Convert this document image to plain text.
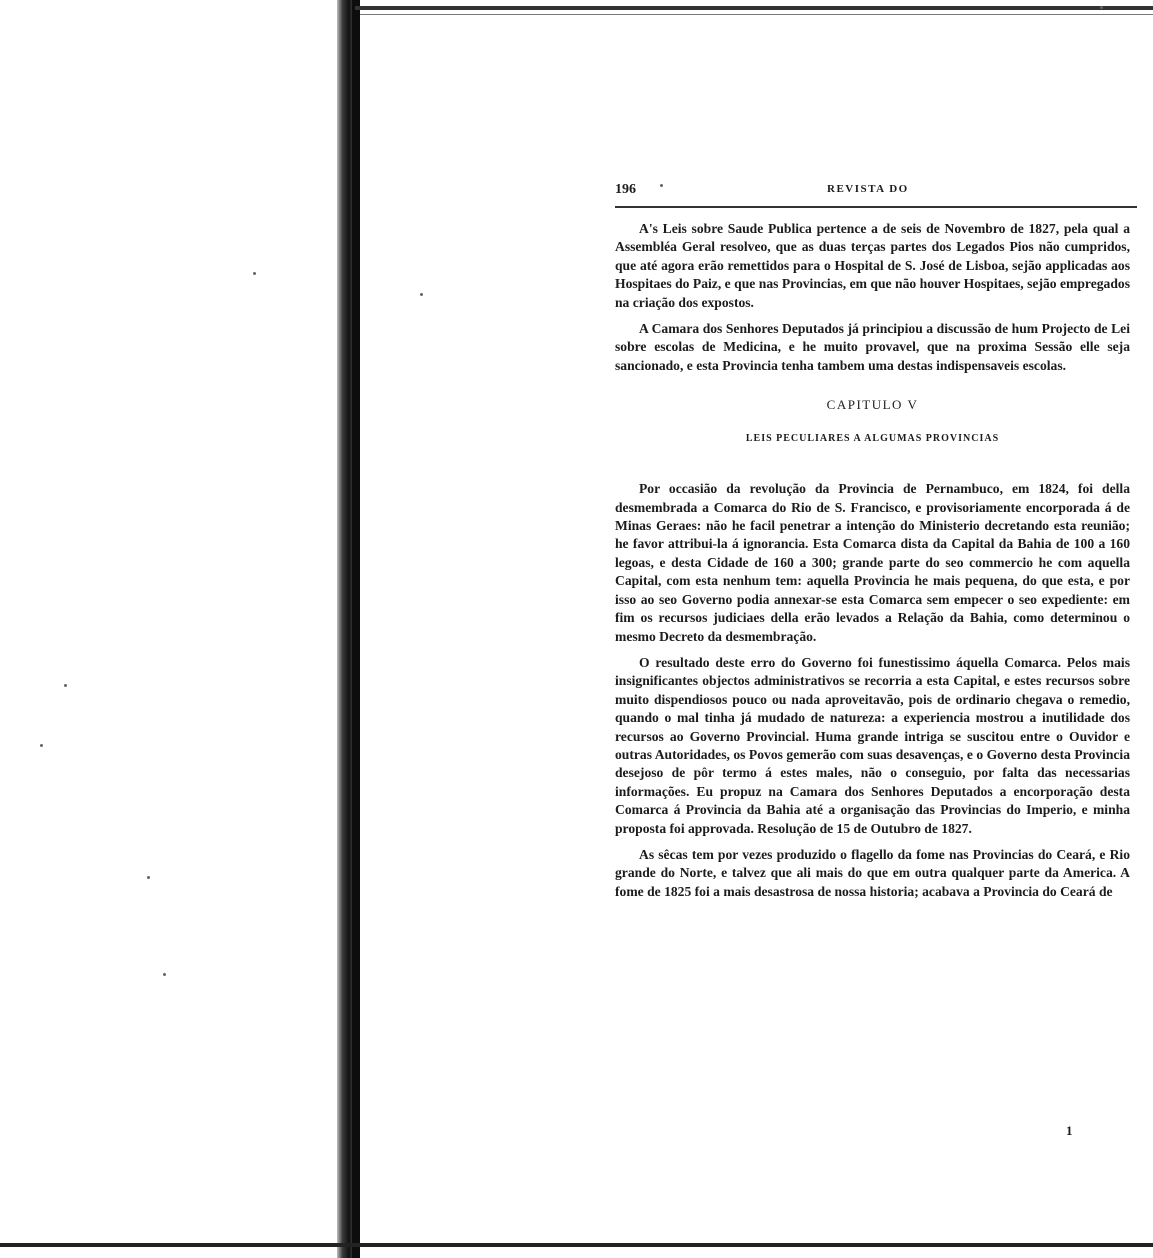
196	REVISTA DO

A's Leis sobre Saude Publica pertence a de seis de Novembro de 1827, pela qual a Assembléa Geral resolveo, que as duas terças partes dos Legados Pios não cumpridos, que até agora erão remettidos para o Hospital de S. José de Lisboa, sejão applicadas aos Hospitaes do Paiz, e que nas Provincias, em que não houver Hospitaes, sejão empregados na criação dos expostos.

A Camara dos Senhores Deputados já principiou a discussão de hum Projecto de Lei sobre escolas de Medicina, e he muito provavel, que na proxima Sessão elle seja sancionado, e esta Provincia tenha tambem uma destas indispensaveis escolas.

CAPITULO V
LEIS PECULIARES A ALGUMAS PROVINCIAS

Por occasião da revolução da Provincia de Pernambuco, em 1824, foi della desmembrada a Comarca do Rio de S. Francisco, e provisoriamente encorporada á de Minas Geraes: não he facil penetrar a intenção do Ministerio decretando esta reunião; he favor attribui-la á ignorancia. Esta Comarca dista da Capital da Bahia de 100 a 160 legoas, e desta Cidade de 160 a 300; grande parte do seo commercio he com aquella Capital, com esta nenhum tem: aquella Provincia he mais pequena, do que esta, e por isso ao seo Governo podia annexar-se esta Comarca sem empecer o seo expediente: em fim os recursos judiciaes della erão levados a Relação da Bahia, como determinou o mesmo Decreto da desmembração.

O resultado deste erro do Governo foi funestissimo áquella Comarca. Pelos mais insignificantes objectos administrativos se recorria a esta Capital, e estes recursos sobre muito dispendiosos pouco ou nada aproveitavão, pois de ordinario chegava o remedio, quando o mal tinha já mudado de natureza: a experiencia mostrou a inutilidade dos recursos ao Governo Provincial. Huma grande intriga se suscitou entre o Ouvidor e outras Autoridades, os Povos gemerão com suas desavenças, e o Governo desta Provincia desejoso de pôr termo á estes males, não o conseguio, por falta das necessarias informações. Eu propuz na Camara dos Senhores Deputados a encorporação desta Comarca á Provincia da Bahia até a organisação das Provincias do Imperio, e minha proposta foi approvada. Resolução de 15 de Outubro de 1827.

As sêcas tem por vezes produzido o flagello da fome nas Provincias do Ceará, e Rio grande do Norte, e talvez que ali mais do que em outra qualquer parte da America. A fome de 1825 foi a mais desastrosa de nossa historia; acabava a Provincia do Ceará de

1
